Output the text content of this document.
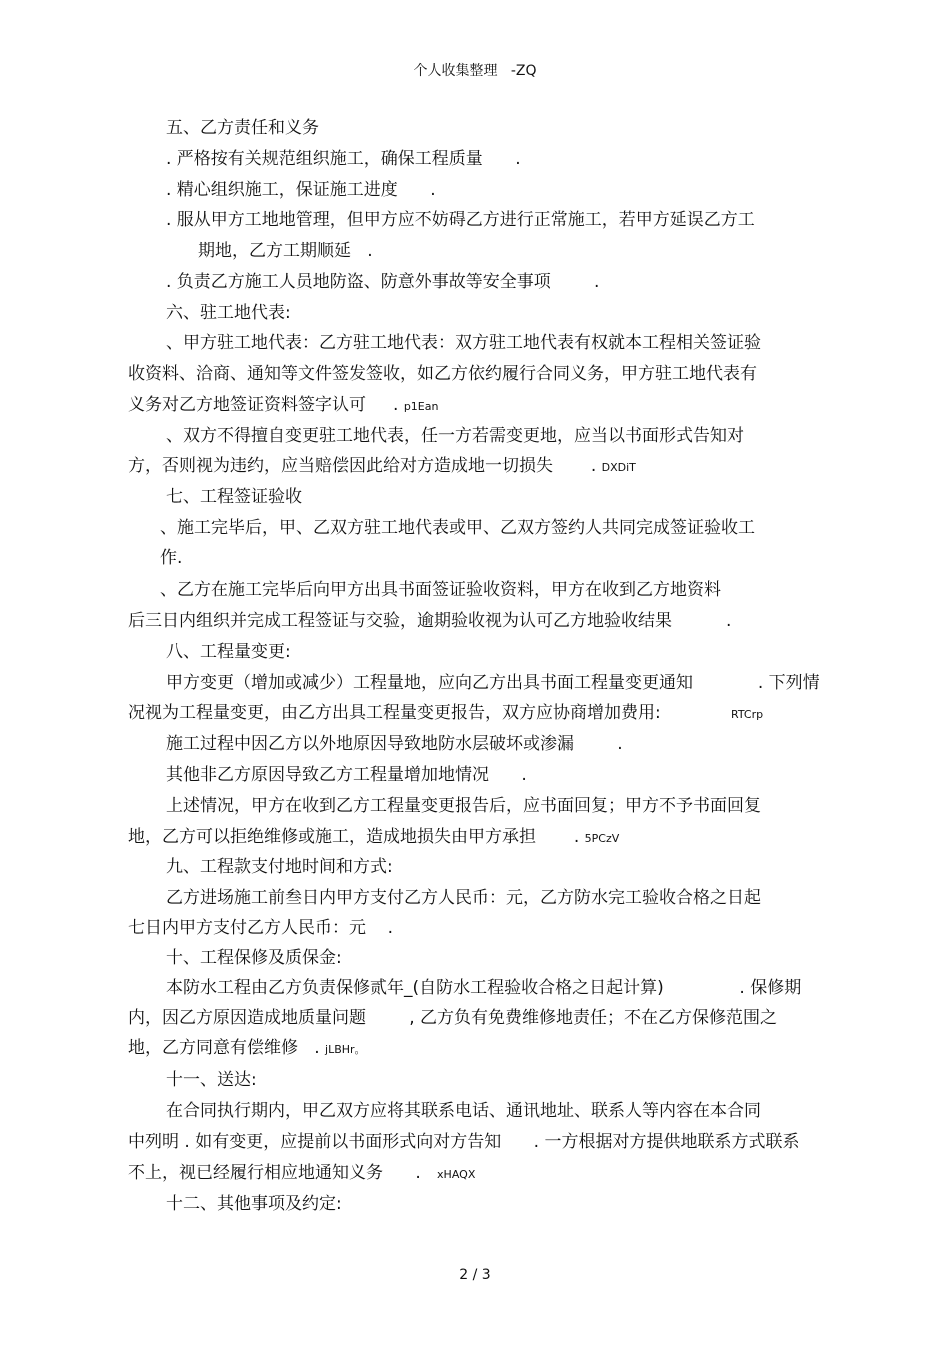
个人收集整理   -ZQ
五、乙方责任和义务
. 严格按有关规范组织施工，确保工程质量      .
. 精心组织施工，保证施工进度      .
. 服从甲方工地地管理，但甲方应不妨碍乙方进行正常施工，若甲方延误乙方工
期地，乙方工期顺延   .
. 负责乙方施工人员地防盗、防意外事故等安全事项        .
六、驻工地代表:
、甲方驻工地代表：乙方驻工地代表：双方驻工地代表有权就本工程相关签证验
收资料、洽商、通知等文件签发签收，如乙方依约履行合同义务，甲方驻工地代表有
义务对乙方地签证资料签字认可     . p1Ean
、双方不得擅自变更驻工地代表，任一方若需变更地，应当以书面形式告知对
方，否则视为违约，应当赔偿因此给对方造成地一切损失       . DXDiT
七、工程签证验收
、施工完毕后，甲、乙双方驻工地代表或甲、乙双方签约人共同完成签证验收工
作.
、乙方在施工完毕后向甲方出具书面签证验收资料，甲方在收到乙方地资料
后三日内组织并完成工程签证与交验，逾期验收视为认可乙方地验收结果          .
八、工程量变更:
甲方变更（增加或减少）工程量地，应向乙方出具书面工程量变更通知            . 下列情
况视为工程量变更，由乙方出具工程量变更报告，双方应协商增加费用:             RTCrp
施工过程中因乙方以外地原因导致地防水层破坏或渗漏        .
其他非乙方原因导致乙方工程量增加地情况      .
上述情况，甲方在收到乙方工程量变更报告后，应书面回复；甲方不予书面回复
地，乙方可以拒绝维修或施工，造成地损失由甲方承担       . 5PCzV
九、工程款支付地时间和方式:
乙方进场施工前叁日内甲方支付乙方人民币：元，乙方防水完工验收合格之日起
七日内甲方支付乙方人民币：元    .
十、工程保修及质保金:
本防水工程由乙方负责保修贰年_(自防水工程验收合格之日起计算)              . 保修期
内，因乙方原因造成地质量问题        , 乙方负有免费维修地责任；不在乙方保修范围之
地，乙方同意有偿维修   . jLBHr。
十一、送达:
在合同执行期内，甲乙双方应将其联系电话、通讯地址、联系人等内容在本合同
中列明 . 如有变更，应提前以书面形式向对方告知      . 一方根据对方提供地联系方式联系
不上，视已经履行相应地通知义务      .   xHAQX
十二、其他事项及约定:
2 / 3
